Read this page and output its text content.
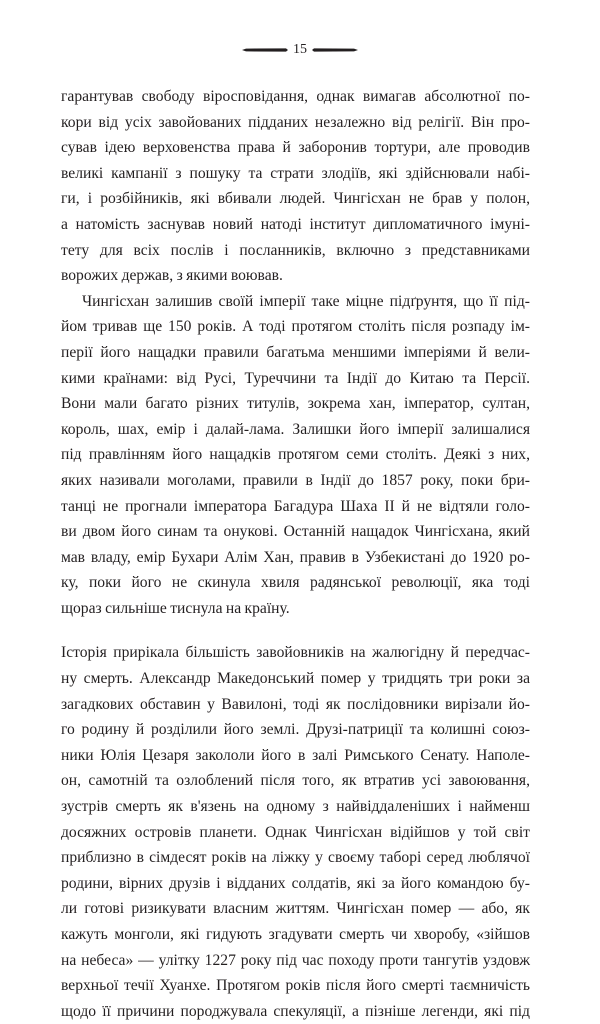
15
гарантував свободу віросповідання, однак вимагав абсолютної по-
кори від усіх завойованих підданих незалежно від релігії. Він про-
сував ідею верховенства права й заборонив тортури, але проводив
великі кампанії з пошуку та страти злодіїв, які здійснювали набі-
ги, і розбійників, які вбивали людей. Чингісхан не брав у полон,
а натомість заснував новий натоді інститут дипломатичного імуні-
тету для всіх послів і посланників, включно з представниками
ворожих держав, з якими воював.
Чингісхан залишив своїй імперії таке міцне підґрунтя, що її під-
йом тривав ще 150 років. А тоді протягом століть після розпаду ім-
перії його нащадки правили багатьма меншими імперіями й вели-
кими країнами: від Русі, Туреччини та Індії до Китаю та Персії.
Вони мали багато різних титулів, зокрема хан, імператор, султан,
король, шах, емір і далай-лама. Залишки його імперії залишалися
під правлінням його нащадків протягом семи століть. Деякі з них,
яких називали моголами, правили в Індії до 1857 року, поки бри-
танці не прогнали імператора Багадура Шаха II й не відтяли голо-
ви двом його синам та онукові. Останній нащадок Чингісхана, який
мав владу, емір Бухари Алім Хан, правив в Узбекистані до 1920 ро-
ку, поки його не скинула хвиля радянської революції, яка тоді
щораз сильніше тиснула на країну.
Історія прирікала більшість завойовників на жалюгідну й передчас-
ну смерть. Александр Македонський помер у тридцять три роки за
загадкових обставин у Вавилоні, тоді як послідовники вирізали йо-
го родину й розділили його землі. Друзі-патриції та колишні союз-
ники Юлія Цезаря закололи його в залі Римського Сенату. Наполе-
он, самотній та озлоблений після того, як втратив усі завоювання,
зустрів смерть як в'язень на одному з найвіддаленіших і найменш
досяжних островів планети. Однак Чингісхан відійшов у той світ
приблизно в сімдесят років на ліжку у своєму таборі серед люблячої
родини, вірних друзів і відданих солдатів, які за його командою бу-
ли готові ризикувати власним життям. Чингісхан помер — або, як
кажуть монголи, які гидують згадувати смерть чи хворобу, «зійшов
на небеса» — улітку 1227 року під час походу проти тангутів уздовж
верхньої течії Хуанхе. Протягом років після його смерті таємничість
щодо її причини породжувала спекуляції, а пізніше легенди, які під
